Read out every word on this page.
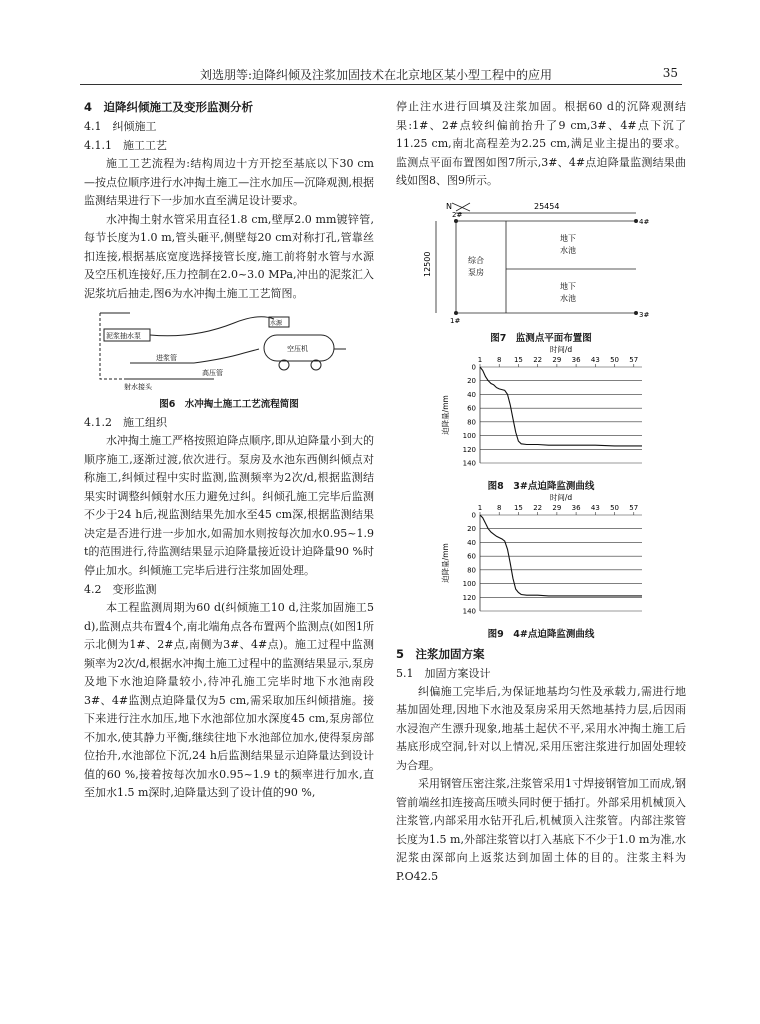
刘选朋等:迫降纠倾及注浆加固技术在北京地区某小型工程中的应用	35

4　迫降纠倾施工及变形监测分析

4.1　纠倾施工

4.1.1　施工工艺

施工工艺流程为:结构周边十方开挖至基底以下30 cm—按点位顺序进行水冲掏土施工—注水加压—沉降观测,根据监测结果进行下一步加水直至满足设计要求。

水冲掏土射水管采用直径1.8 cm,壁厚2.0 mm镀锌管,每节长度为1.0 m,管头砸平,侧壁每20 cm对称打孔,管靠丝扣连接,根据基底宽度选择接管长度,施工前将射水管与水源及空压机连接好,压力控制在2.0~3.0 MPa,冲出的泥浆汇入泥浆坑后抽走,图6为水冲掏土施工工艺简图。

泥浆抽水泵
水源
空压机
进浆管
射水接头
高压管

图6　水冲掏土施工工艺流程简图

4.1.2　施工组织

水冲掏土施工严格按照迫降点顺序,即从迫降量小到大的顺序施工,逐渐过渡,依次进行。泵房及水池东西侧纠倾点对称施工,纠倾过程中实时监测,监测频率为2次/d,根据监测结果实时调整纠倾射水压力避免过纠。纠倾孔施工完毕后监测不少于24 h后,视监测结果先加水至45 cm深,根据监测结果决定是否进行进一步加水,如需加水则按每次加水0.95~1.9 t的范围进行,待监测结果显示迫降量接近设计迫降量90 %时停止加水。纠倾施工完毕后进行注浆加固处理。

4.2　变形监测

本工程监测周期为60 d(纠倾施工10 d,注浆加固施工5 d),监测点共布置4个,南北端角点各布置两个监测点(如图1所示北侧为1#、2#点,南侧为3#、4#点)。施工过程中监测频率为2次/d,根据水冲掏土施工过程中的监测结果显示,泵房及地下水池迫降量较小,待冲孔施工完毕时地下水池南段3#、4#监测点迫降量仅为5 cm,需采取加压纠倾措施。接下来进行注水加压,地下水池部位加水深度45 cm,泵房部位不加水,使其静力平衡,继续往地下水池部位加水,使得泵房部位抬升,水池部位下沉,24 h后监测结果显示迫降量达到设计值的60 %,接着按每次加水0.95~1.9 t的频率进行加水,直至加水1.5 m深时,迫降量达到了设计值的90 %,

停止注水进行回填及注浆加固。根据60 d的沉降观测结果:1#、2#点较纠偏前抬升了9 cm,3#、4#点下沉了11.25 cm,南北高程差为2.25 cm,满足业主提出的要求。监测点平面布置图如图7所示,3#、4#点迫降量监测结果曲线如图8、图9所示。

N	25454
12500
2#
4#
1#
3#
综合
泵房
地下
水池
地下
水池

图7　监测点平面布置图

时间/d
迫降量/mm
0
20
40
60
80
100
120
140
1 8 15 22 29 36 43 50 57

图8　3#点迫降监测曲线

时间/d
迫降量/mm
0
20
40
60
80
100
120
140
1 8 15 22 29 36 43 50 57

图9　4#点迫降监测曲线

5　注浆加固方案

5.1　加固方案设计

纠偏施工完毕后,为保证地基均匀性及承载力,需进行地基加固处理,因地下水池及泵房采用天然地基持力层,后因雨水浸泡产生漂升现象,地基土起伏不平,采用水冲掏土施工后基底形成空洞,针对以上情况,采用压密注浆进行加固处理较为合理。

采用钢管压密注浆,注浆管采用1寸焊接钢管加工而成,钢管前端丝扣连接高压喷头同时便于插打。外部采用机械顶入注浆管,内部采用水钻开孔后,机械顶入注浆管。内部注浆管长度为1.5 m,外部注浆管以打入基底下不少于1.0 m为准,水泥浆由深部向上返浆达到加固土体的目的。注浆主料为P.O42.5
